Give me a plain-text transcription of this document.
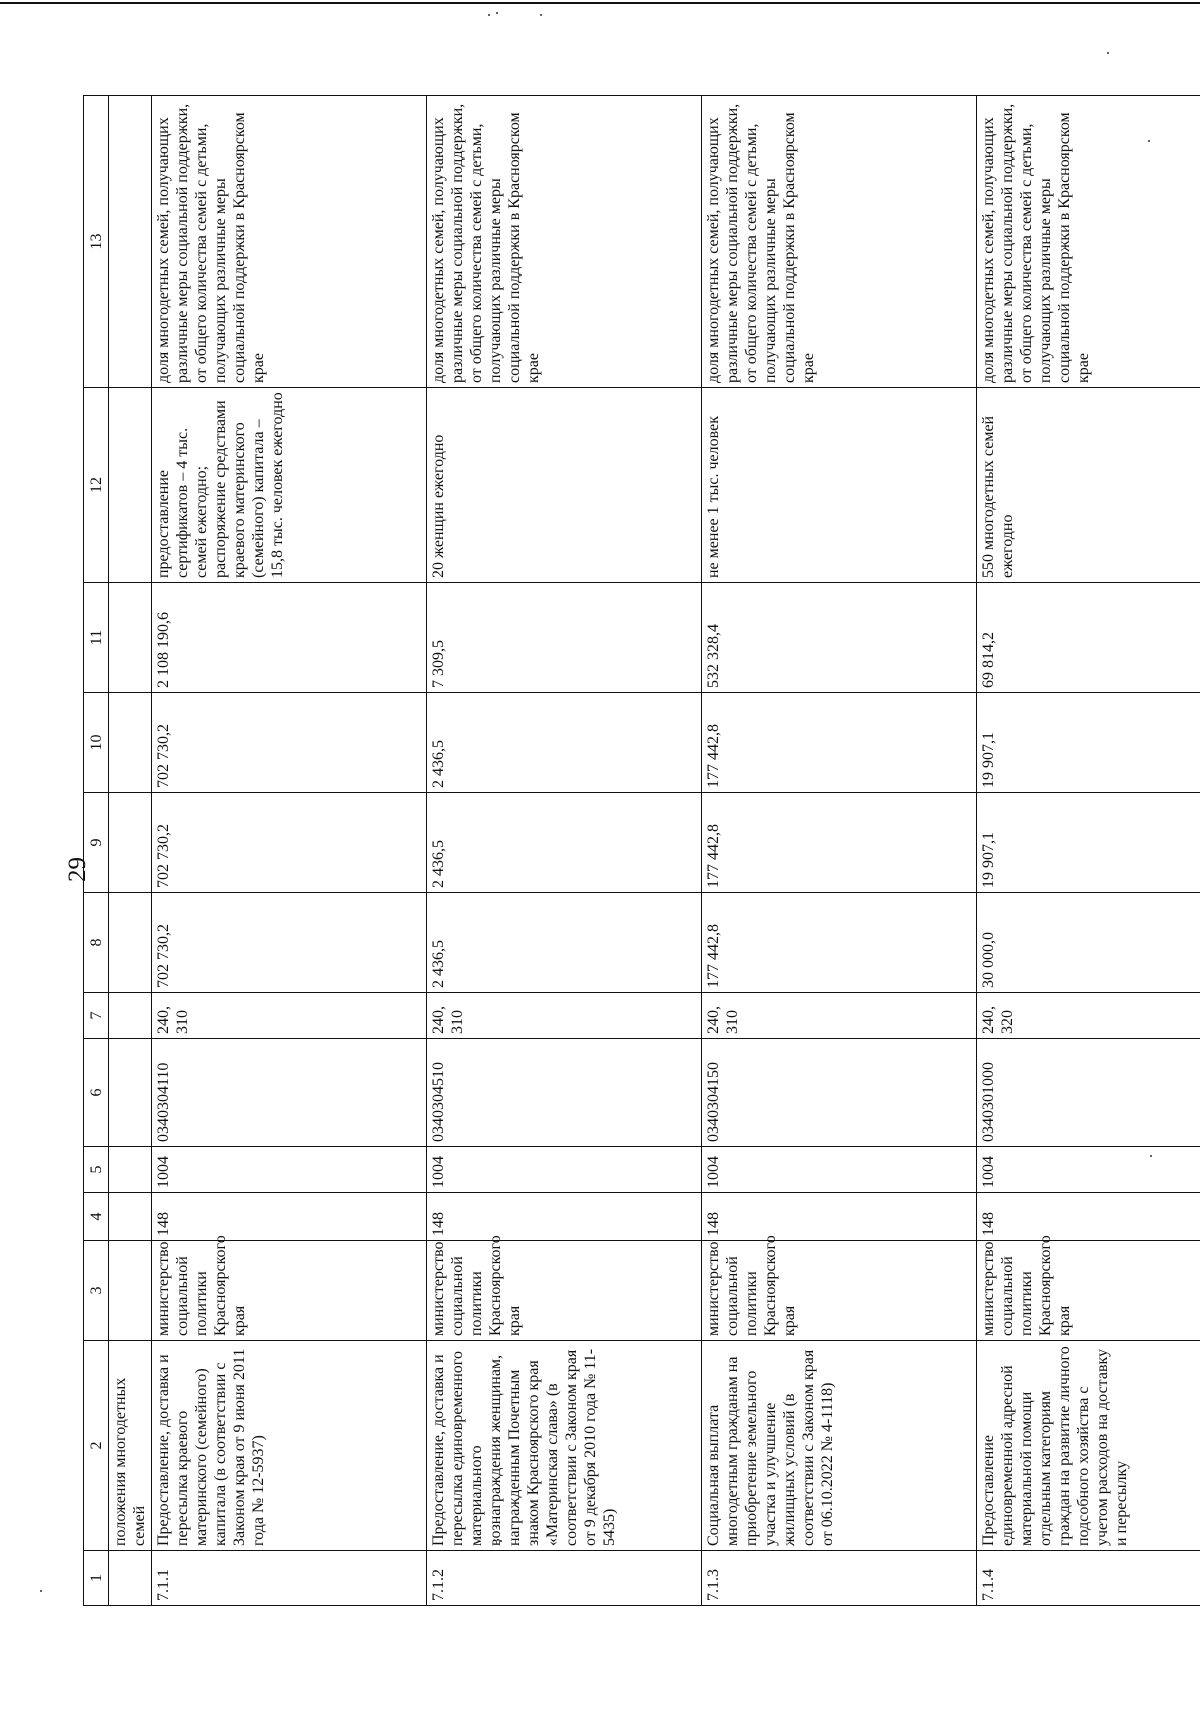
29
1	2	3	4	5	6	7	8	9	10	11	12	13
	положения многодетных семей											
7.1.1	Предоставление, доставка и пересылка краевого материнского (семейного) капитала (в соответствии с Законом края от 9 июня 2011 года № 12-5937)	министерство социальной политики Красноярского края	148	1004	0340304110	240, 310	702 730,2	702 730,2	702 730,2	2 108 190,6	предоставление сертификатов – 4 тыс. семей ежегодно; распоряжение средствами краевого материнского (семейного) капитала – 15,8 тыс. человек ежегодно	доля многодетных семей, получающих различные меры социальной поддержки, от общего количества семей с детьми, получающих различные меры социальной поддержки в Красноярском крае
7.1.2	Предоставление, доставка и пересылка единовременного материального вознаграждения женщинам, награжденным Почетным знаком Красноярского края «Материнская слава» (в соответствии с Законом края от 9 декабря 2010 года № 11-5435)	министерство социальной политики Красноярского края	148	1004	0340304510	240, 310	2 436,5	2 436,5	2 436,5	7 309,5	20 женщин ежегодно	доля многодетных семей, получающих различные меры социальной поддержки, от общего количества семей с детьми, получающих различные меры социальной поддержки в Красноярском крае
7.1.3	Социальная выплата многодетным гражданам на приобретение земельного участка и улучшение жилищных условий (в соответствии с Законом края от 06.10.2022 № 4-1118)	министерство социальной политики Красноярского края	148	1004	0340304150	240, 310	177 442,8	177 442,8	177 442,8	532 328,4	не менее 1 тыс. человек	доля многодетных семей, получающих различные меры социальной поддержки, от общего количества семей с детьми, получающих различные меры социальной поддержки в Красноярском крае
7.1.4	Предоставление единовременной адресной материальной помощи отдельным категориям граждан на развитие личного подсобного хозяйства с учетом расходов на доставку и пересылку	министерство социальной политики Красноярского края	148	1004	0340301000	240, 320	30 000,0	19 907,1	19 907,1	69 814,2	550 многодетных семей ежегодно	доля многодетных семей, получающих различные меры социальной поддержки, от общего количества семей с детьми, получающих различные меры социальной поддержки в Красноярском крае
